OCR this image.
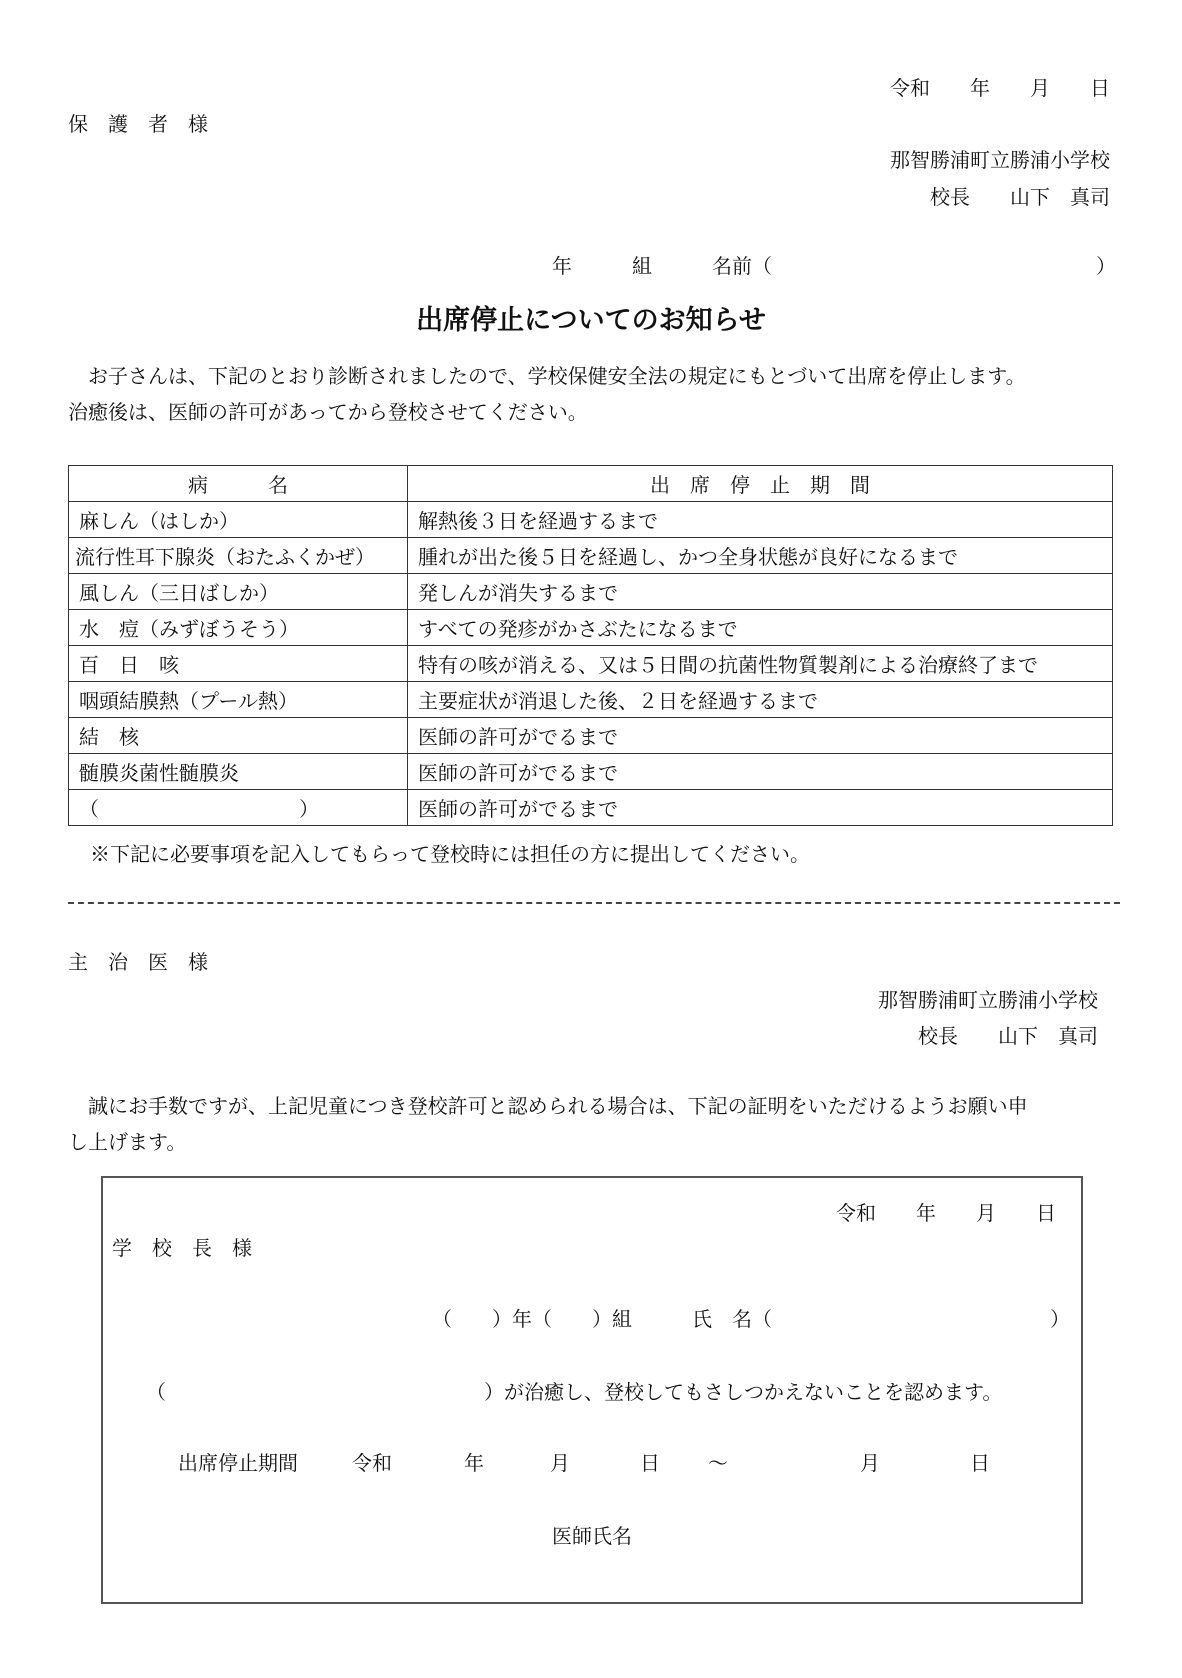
令和　　年　　月　　日
保　護　者　様
那智勝浦町立勝浦小学校
校長　　山下　真司
年　　　組　　　名前（	）
出席停止についてのお知らせ
　お子さんは、下記のとおり診断されましたので、学校保健安全法の規定にもとづいて出席を停止します。
治癒後は、医師の許可があってから登校させてください。
病　　　名	出　席　停　止　期　間
麻しん（はしか）	解熱後３日を経過するまで
流行性耳下腺炎（おたふくかぜ）	腫れが出た後５日を経過し、かつ全身状態が良好になるまで
風しん（三日ばしか）	発しんが消失するまで
水　痘（みずぼうそう）	すべての発疹がかさぶたになるまで
百　日　咳	特有の咳が消える、又は５日間の抗菌性物質製剤による治療終了まで
咽頭結膜熱（プール熱）	主要症状が消退した後、２日を経過するまで
結　核	医師の許可がでるまで
髄膜炎菌性髄膜炎	医師の許可がでるまで
（　　　　　　　　　　）	医師の許可がでるまで
※下記に必要事項を記入してもらって登校時には担任の方に提出してください。
主　治　医　様
那智勝浦町立勝浦小学校
校長　　山下　真司
　誠にお手数ですが、上記児童につき登校許可と認められる場合は、下記の証明をいただけるようお願い申
し上げます。
令和　　年　　月　　日
学　校　長　様
（　　）年（　　）組　　　氏　名（	）
（	）が治癒し、登校してもさしつかえないことを認めます。
出席停止期間	令和	年	月	日 ～	月	日
医師氏名
